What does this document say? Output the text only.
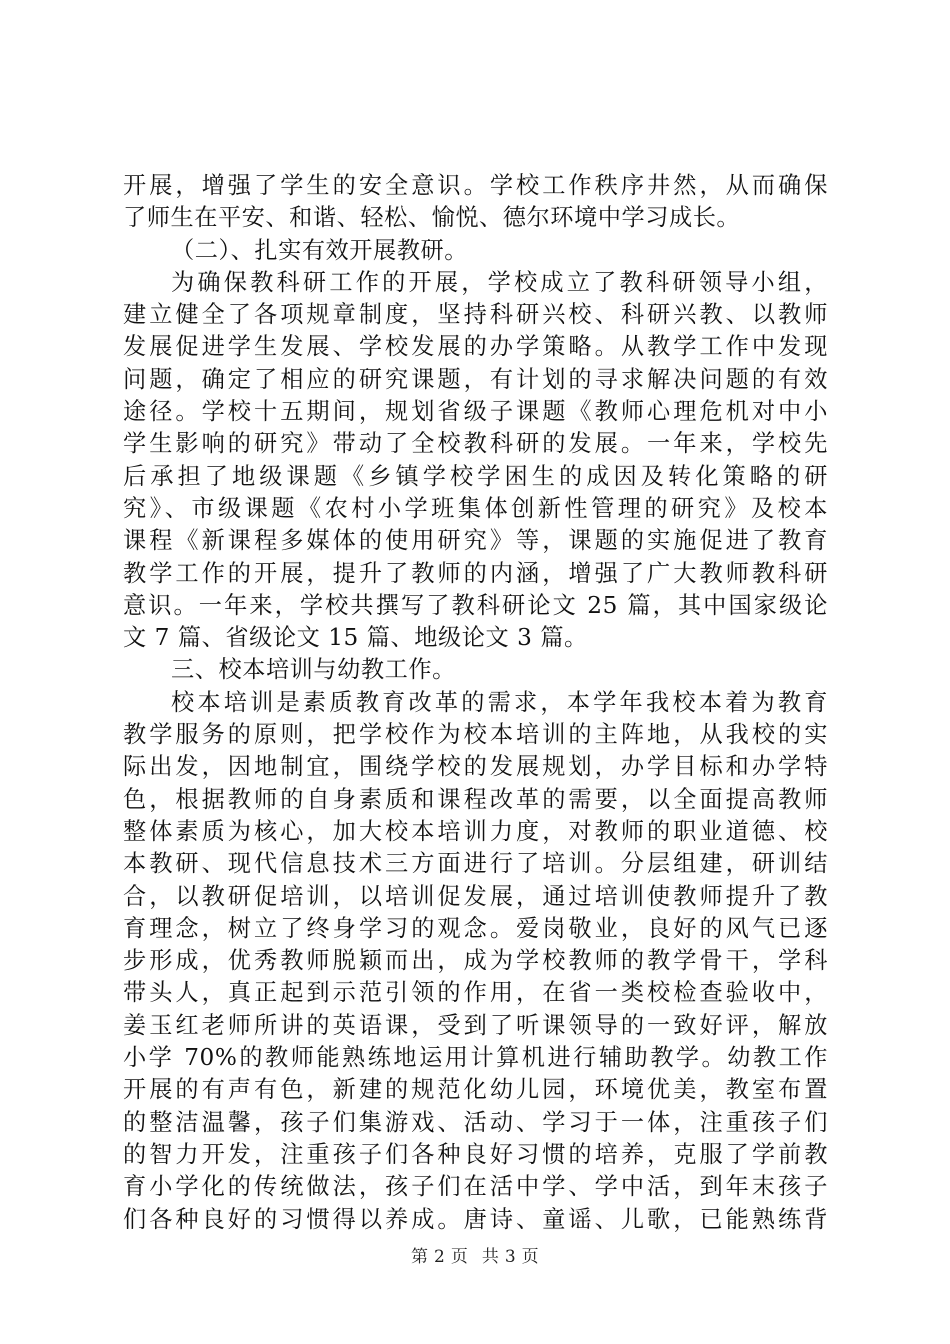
开展，增强了学生的安全意识。学校工作秩序井然，从而确保
了师生在平安、和谐、轻松、愉悦、德尔环境中学习成长。
（二）、扎实有效开展教研。
为确保教科研工作的开展，学校成立了教科研领导小组，
建立健全了各项规章制度，坚持科研兴校、科研兴教、以教师
发展促进学生发展、学校发展的办学策略。从教学工作中发现
问题，确定了相应的研究课题，有计划的寻求解决问题的有效
途径。学校十五期间，规划省级子课题《教师心理危机对中小
学生影响的研究》带动了全校教科研的发展。一年来，学校先
后承担了地级课题《乡镇学校学困生的成因及转化策略的研
究》、市级课题《农村小学班集体创新性管理的研究》及校本
课程《新课程多媒体的使用研究》等，课题的实施促进了教育
教学工作的开展，提升了教师的内涵，增强了广大教师教科研
意识。一年来，学校共撰写了教科研论文 25 篇，其中国家级论
文 7 篇、省级论文 15 篇、地级论文 3 篇。
三、校本培训与幼教工作。
校本培训是素质教育改革的需求，本学年我校本着为教育
教学服务的原则，把学校作为校本培训的主阵地，从我校的实
际出发，因地制宜，围绕学校的发展规划，办学目标和办学特
色，根据教师的自身素质和课程改革的需要，以全面提高教师
整体素质为核心，加大校本培训力度，对教师的职业道德、校
本教研、现代信息技术三方面进行了培训。分层组建，研训结
合，以教研促培训，以培训促发展，通过培训使教师提升了教
育理念，树立了终身学习的观念。爱岗敬业，良好的风气已逐
步形成，优秀教师脱颖而出，成为学校教师的教学骨干，学科
带头人，真正起到示范引领的作用，在省一类校检查验收中，
姜玉红老师所讲的英语课，受到了听课领导的一致好评，解放
小学 70%的教师能熟练地运用计算机进行辅助教学。幼教工作
开展的有声有色，新建的规范化幼儿园，环境优美，教室布置
的整洁温馨，孩子们集游戏、活动、学习于一体，注重孩子们
的智力开发，注重孩子们各种良好习惯的培养，克服了学前教
育小学化的传统做法，孩子们在活中学、学中活，到年末孩子
们各种良好的习惯得以养成。唐诗、童谣、儿歌，已能熟练背
第 2 页 共 3 页
